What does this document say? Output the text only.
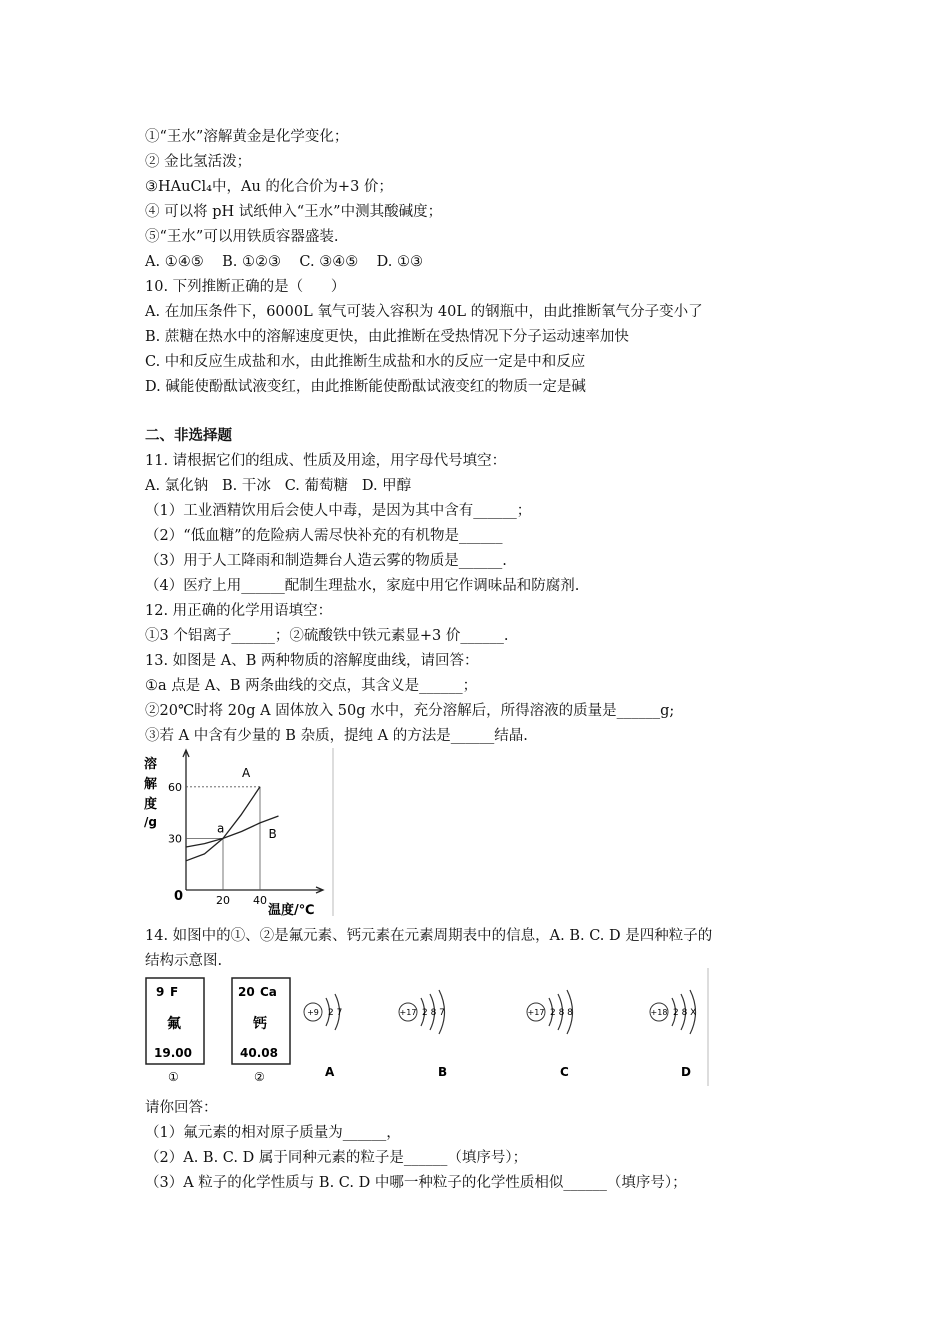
①“王水”溶解黄金是化学变化；
② 金比氢活泼；
③HAuCl₄中，Au 的化合价为+3 价；
④ 可以将 pH 试纸伸入“王水”中测其酸碱度；
⑤“王水”可以用铁质容器盛装.
A. ①④⑤    B. ①②③    C. ③④⑤    D. ①③
10. 下列推断正确的是（      ）
A. 在加压条件下，6000L 氧气可装入容积为 40L 的钢瓶中，由此推断氧气分子变小了
B. 蔗糖在热水中的溶解速度更快，由此推断在受热情况下分子运动速率加快
C. 中和反应生成盐和水，由此推断生成盐和水的反应一定是中和反应
D. 碱能使酚酞试液变红，由此推断能使酚酞试液变红的物质一定是碱
二、非选择题
11. 请根据它们的组成、性质及用途，用字母代号填空：
A. 氯化钠   B. 干冰   C. 葡萄糖   D. 甲醇
（1）工业酒精饮用后会使人中毒，是因为其中含有______；
（2）“低血糖”的危险病人需尽快补充的有机物是______
（3）用于人工降雨和制造舞台人造云雾的物质是______.
（4）医疗上用______配制生理盐水，家庭中用它作调味品和防腐剂.
12. 用正确的化学用语填空：
①3 个铝离子______；②硫酸铁中铁元素显+3 价______.
13. 如图是 A、B 两种物质的溶解度曲线，请回答：
①a 点是 A、B 两条曲线的交点，其含义是______；
②20℃时将 20g A 固体放入 50g 水中，充分溶解后，所得溶液的质量是______g;
③若 A 中含有少量的 B 杂质，提纯 A 的方法是______结晶.
溶
解
度
/g
温度/℃
0
30
60
20 40
A
B
a
14. 如图中的①、②是氟元素、钙元素在元素周期表中的信息，A. B. C. D 是四种粒子的
结构示意图.
9 F
氟
19.00
①
20 Ca
钙
40.08
②
+9 2 7
A
+17 2 8 7
B
+17 2 8 8
C
+18 2 8 X
D
请你回答：
（1）氟元素的相对原子质量为______，
（2）A. B. C. D 属于同种元素的粒子是______（填序号）；
（3）A 粒子的化学性质与 B. C. D 中哪一种粒子的化学性质相似______（填序号）；
